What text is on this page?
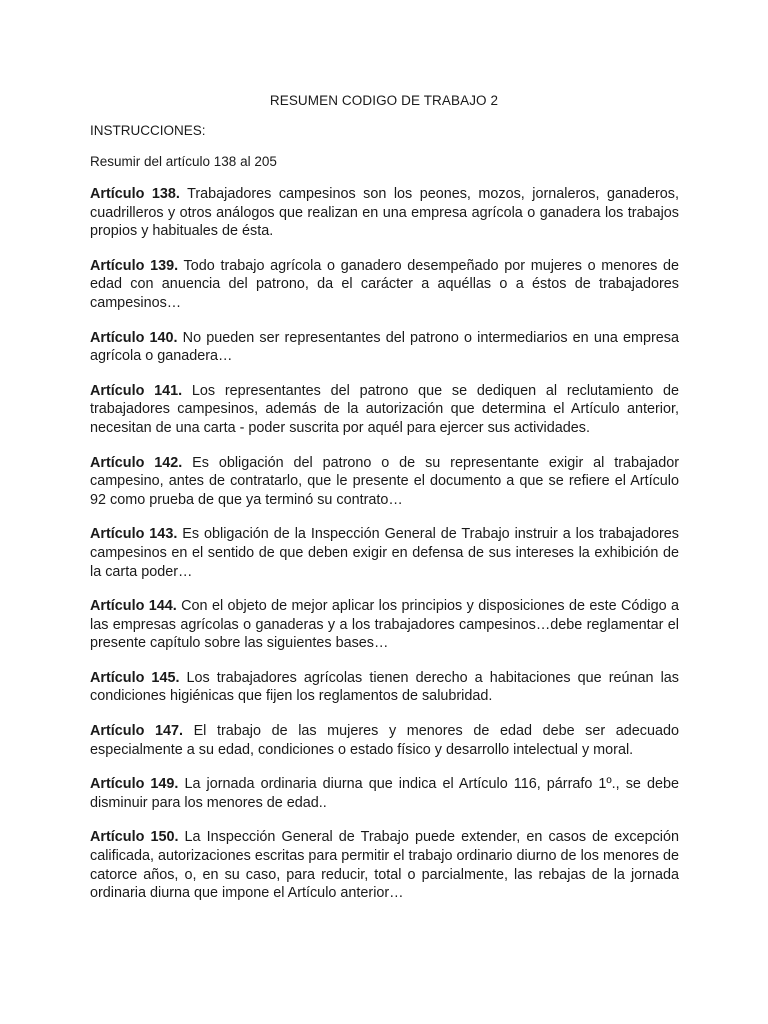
RESUMEN CODIGO DE TRABAJO 2
INSTRUCCIONES:
Resumir del artículo 138 al 205

Artículo 138. Trabajadores campesinos son los peones, mozos, jornaleros, ganaderos, cuadrilleros y otros análogos que realizan en una empresa agrícola o ganadera los trabajos propios y habituales de ésta.

Artículo 139. Todo trabajo agrícola o ganadero desempeñado por mujeres o menores de edad con anuencia del patrono, da el carácter a aquéllas o a éstos de trabajadores campesinos…

Artículo 140. No pueden ser representantes del patrono o intermediarios en una empresa agrícola o ganadera…

Artículo 141. Los representantes del patrono que se dediquen al reclutamiento de trabajadores campesinos, además de la autorización que determina el Artículo anterior, necesitan de una carta - poder suscrita por aquél para ejercer sus actividades.

Artículo 142. Es obligación del patrono o de su representante exigir al trabajador campesino, antes de contratarlo, que le presente el documento a que se refiere el Artículo 92 como prueba de que ya terminó su contrato…

Artículo 143. Es obligación de la Inspección General de Trabajo instruir a los trabajadores campesinos en el sentido de que deben exigir en defensa de sus intereses la exhibición de la carta poder…

Artículo 144. Con el objeto de mejor aplicar los principios y disposiciones de este Código a las empresas agrícolas o ganaderas y a los trabajadores campesinos…debe reglamentar el presente capítulo sobre las siguientes bases…

Artículo 145. Los trabajadores agrícolas tienen derecho a habitaciones que reúnan las condiciones higiénicas que fijen los reglamentos de salubridad.

Artículo 147. El trabajo de las mujeres y menores de edad debe ser adecuado especialmente a su edad, condiciones o estado físico y desarrollo intelectual y moral.

Artículo 149. La jornada ordinaria diurna que indica el Artículo 116, párrafo 1º., se debe disminuir para los menores de edad..

Artículo 150. La Inspección General de Trabajo puede extender, en casos de excepción calificada, autorizaciones escritas para permitir el trabajo ordinario diurno de los menores de catorce años, o, en su caso, para reducir, total o parcialmente, las rebajas de la jornada ordinaria diurna que impone el Artículo anterior…
